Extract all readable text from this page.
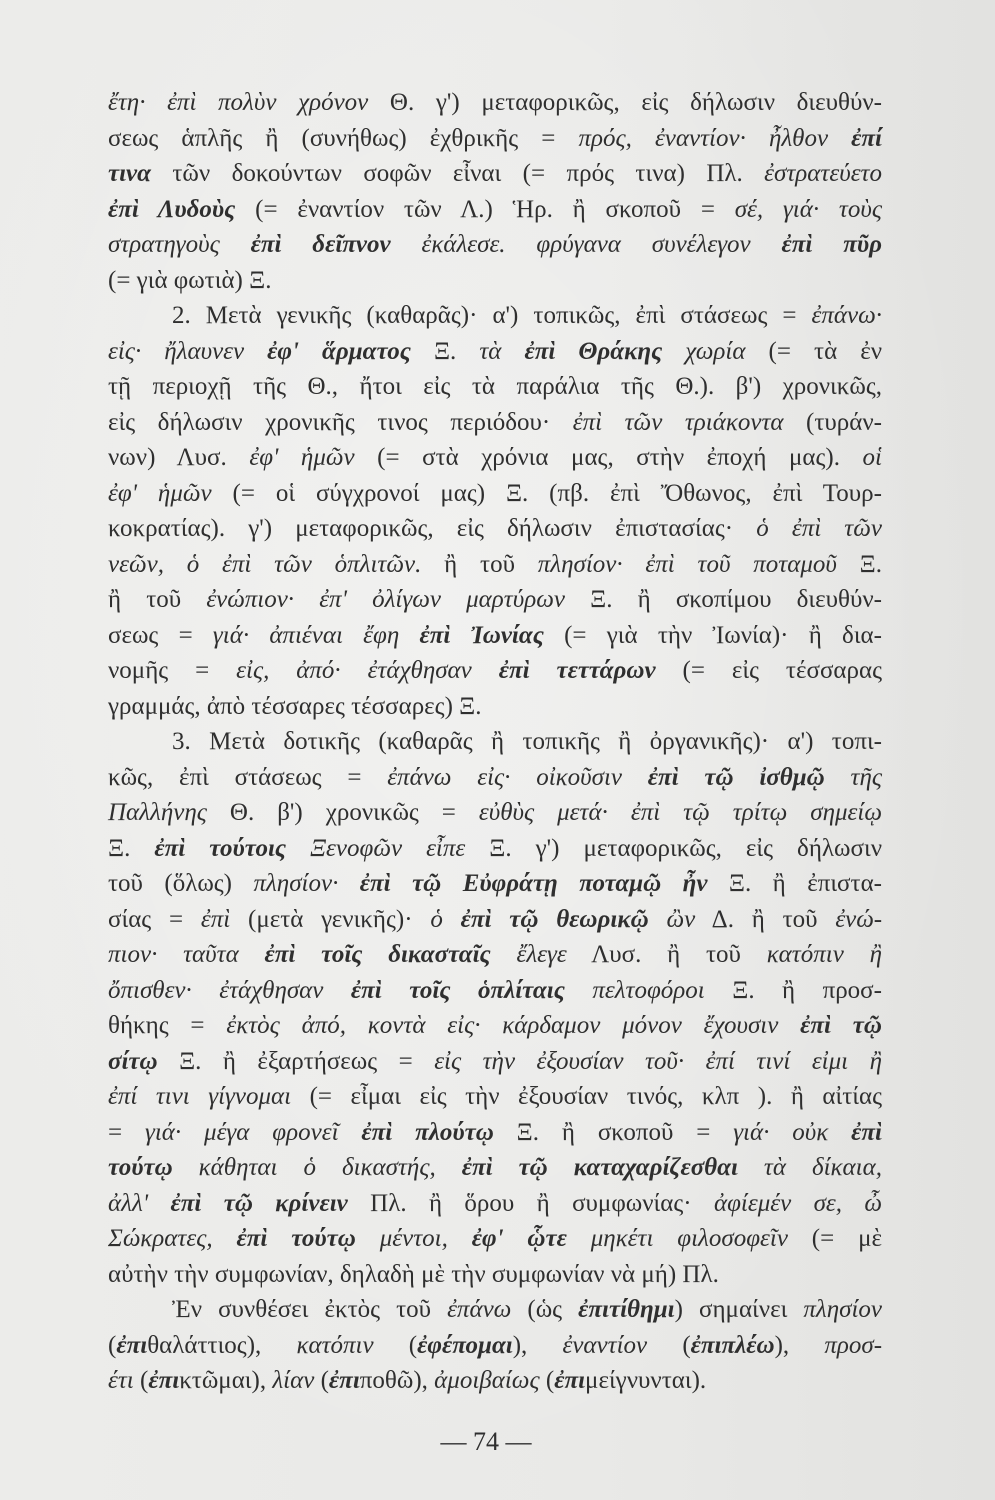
ἔτη· ἐπὶ πολὺν χρόνον Θ. γ') μεταφορικῶς, εἰς δήλωσιν διευθύν-
σεως ἁπλῆς ἢ (συνήθως) ἐχθρικῆς = πρός, ἐναντίον· ἦλθον ἐπί
τινα τῶν δοκούντων σοφῶν εἶναι (= πρός τινα) Πλ. ἐστρατεύετο
ἐπὶ Λυδοὺς (= ἐναντίον τῶν Λ.) Ἡρ. ἢ σκοποῦ = σέ, γιά· τοὺς
στρατηγοὺς ἐπὶ δεῖπνον ἐκάλεσε. φρύγανα συνέλεγον ἐπὶ πῦρ
(= γιὰ φωτιὰ) Ξ.
2. Μετὰ γενικῆς (καθαρᾶς)· α') τοπικῶς, ἐπὶ στάσεως = ἐπάνω·
εἰς· ἤλαυνεν ἐφ' ἅρματος Ξ. τὰ ἐπὶ Θράκης χωρία (= τὰ ἐν
τῇ περιοχῇ τῆς Θ., ἤτοι εἰς τὰ παράλια τῆς Θ.). β') χρονικῶς,
εἰς δήλωσιν χρονικῆς τινος περιόδου· ἐπὶ τῶν τριάκοντα (τυράν-
νων) Λυσ. ἐφ' ἡμῶν (= στὰ χρόνια μας, στὴν ἐποχή μας). οἱ
ἐφ' ἡμῶν (= οἱ σύγχρονοί μας) Ξ. (πβ. ἐπὶ Ὄθωνος, ἐπὶ Τουρ-
κοκρατίας). γ') μεταφορικῶς, εἰς δήλωσιν ἐπιστασίας· ὁ ἐπὶ τῶν
νεῶν, ὁ ἐπὶ τῶν ὁπλιτῶν. ἢ τοῦ πλησίον· ἐπὶ τοῦ ποταμοῦ Ξ.
ἢ τοῦ ἐνώπιον· ἐπ' ὀλίγων μαρτύρων Ξ. ἢ σκοπίμου διευθύν-
σεως = γιά· ἀπιέναι ἔφη ἐπὶ Ἰωνίας (= γιὰ τὴν Ἰωνία)· ἢ δια-
νομῆς = εἰς, ἀπό· ἐτάχθησαν ἐπὶ τεττάρων (= εἰς τέσσαρας
γραμμάς, ἀπὸ τέσσαρες τέσσαρες) Ξ.
3. Μετὰ δοτικῆς (καθαρᾶς ἢ τοπικῆς ἢ ὀργανικῆς)· α') τοπι-
κῶς, ἐπὶ στάσεως = ἐπάνω εἰς· οἰκοῦσιν ἐπὶ τῷ ἰσθμῷ τῆς
Παλλήνης Θ. β') χρονικῶς = εὐθὺς μετά· ἐπὶ τῷ τρίτῳ σημείῳ
Ξ. ἐπὶ τούτοις Ξενοφῶν εἶπε Ξ. γ') μεταφορικῶς, εἰς δήλωσιν
τοῦ (ὅλως) πλησίον· ἐπὶ τῷ Εὐφράτῃ ποταμῷ ἦν Ξ. ἢ ἐπιστα-
σίας = ἐπὶ (μετὰ γενικῆς)· ὁ ἐπὶ τῷ θεωρικῷ ὢν Δ. ἢ τοῦ ἐνώ-
πιον· ταῦτα ἐπὶ τοῖς δικασταῖς ἔλεγε Λυσ. ἢ τοῦ κατόπιν ἢ
ὄπισθεν· ἐτάχθησαν ἐπὶ τοῖς ὁπλίταις πελτοφόροι Ξ. ἢ προσ-
θήκης = ἐκτὸς ἀπό, κοντὰ εἰς· κάρδαμον μόνον ἔχουσιν ἐπὶ τῷ
σίτῳ Ξ. ἢ ἐξαρτήσεως = εἰς τὴν ἐξουσίαν τοῦ· ἐπί τινί εἰμι ἢ
ἐπί τινι γίγνομαι (= εἶμαι εἰς τὴν ἐξουσίαν τινός, κλπ ). ἢ αἰτίας
= γιά· μέγα φρονεῖ ἐπὶ πλούτῳ Ξ. ἢ σκοποῦ = γιά· οὐκ ἐπὶ
τούτῳ κάθηται ὁ δικαστής, ἐπὶ τῷ καταχαρίζεσθαι τὰ δίκαια,
ἀλλ' ἐπὶ τῷ κρίνειν Πλ. ἢ ὅρου ἢ συμφωνίας· ἀφίεμέν σε, ὦ
Σώκρατες, ἐπὶ τούτῳ μέντοι, ἐφ' ᾧτε μηκέτι φιλοσοφεῖν (= μὲ
αὐτὴν τὴν συμφωνίαν, δηλαδὴ μὲ τὴν συμφωνίαν νὰ μή) Πλ.
Ἐν συνθέσει ἐκτὸς τοῦ ἐπάνω (ὡς ἐπιτίθημι) σημαίνει πλησίον
(ἐπιθαλάττιος), κατόπιν (ἐφέπομαι), ἐναντίον (ἐπιπλέω), προσ-
έτι (ἐπικτῶμαι), λίαν (ἐπιποθῶ), ἀμοιβαίως (ἐπιμείγνυνται).
— 74 —
